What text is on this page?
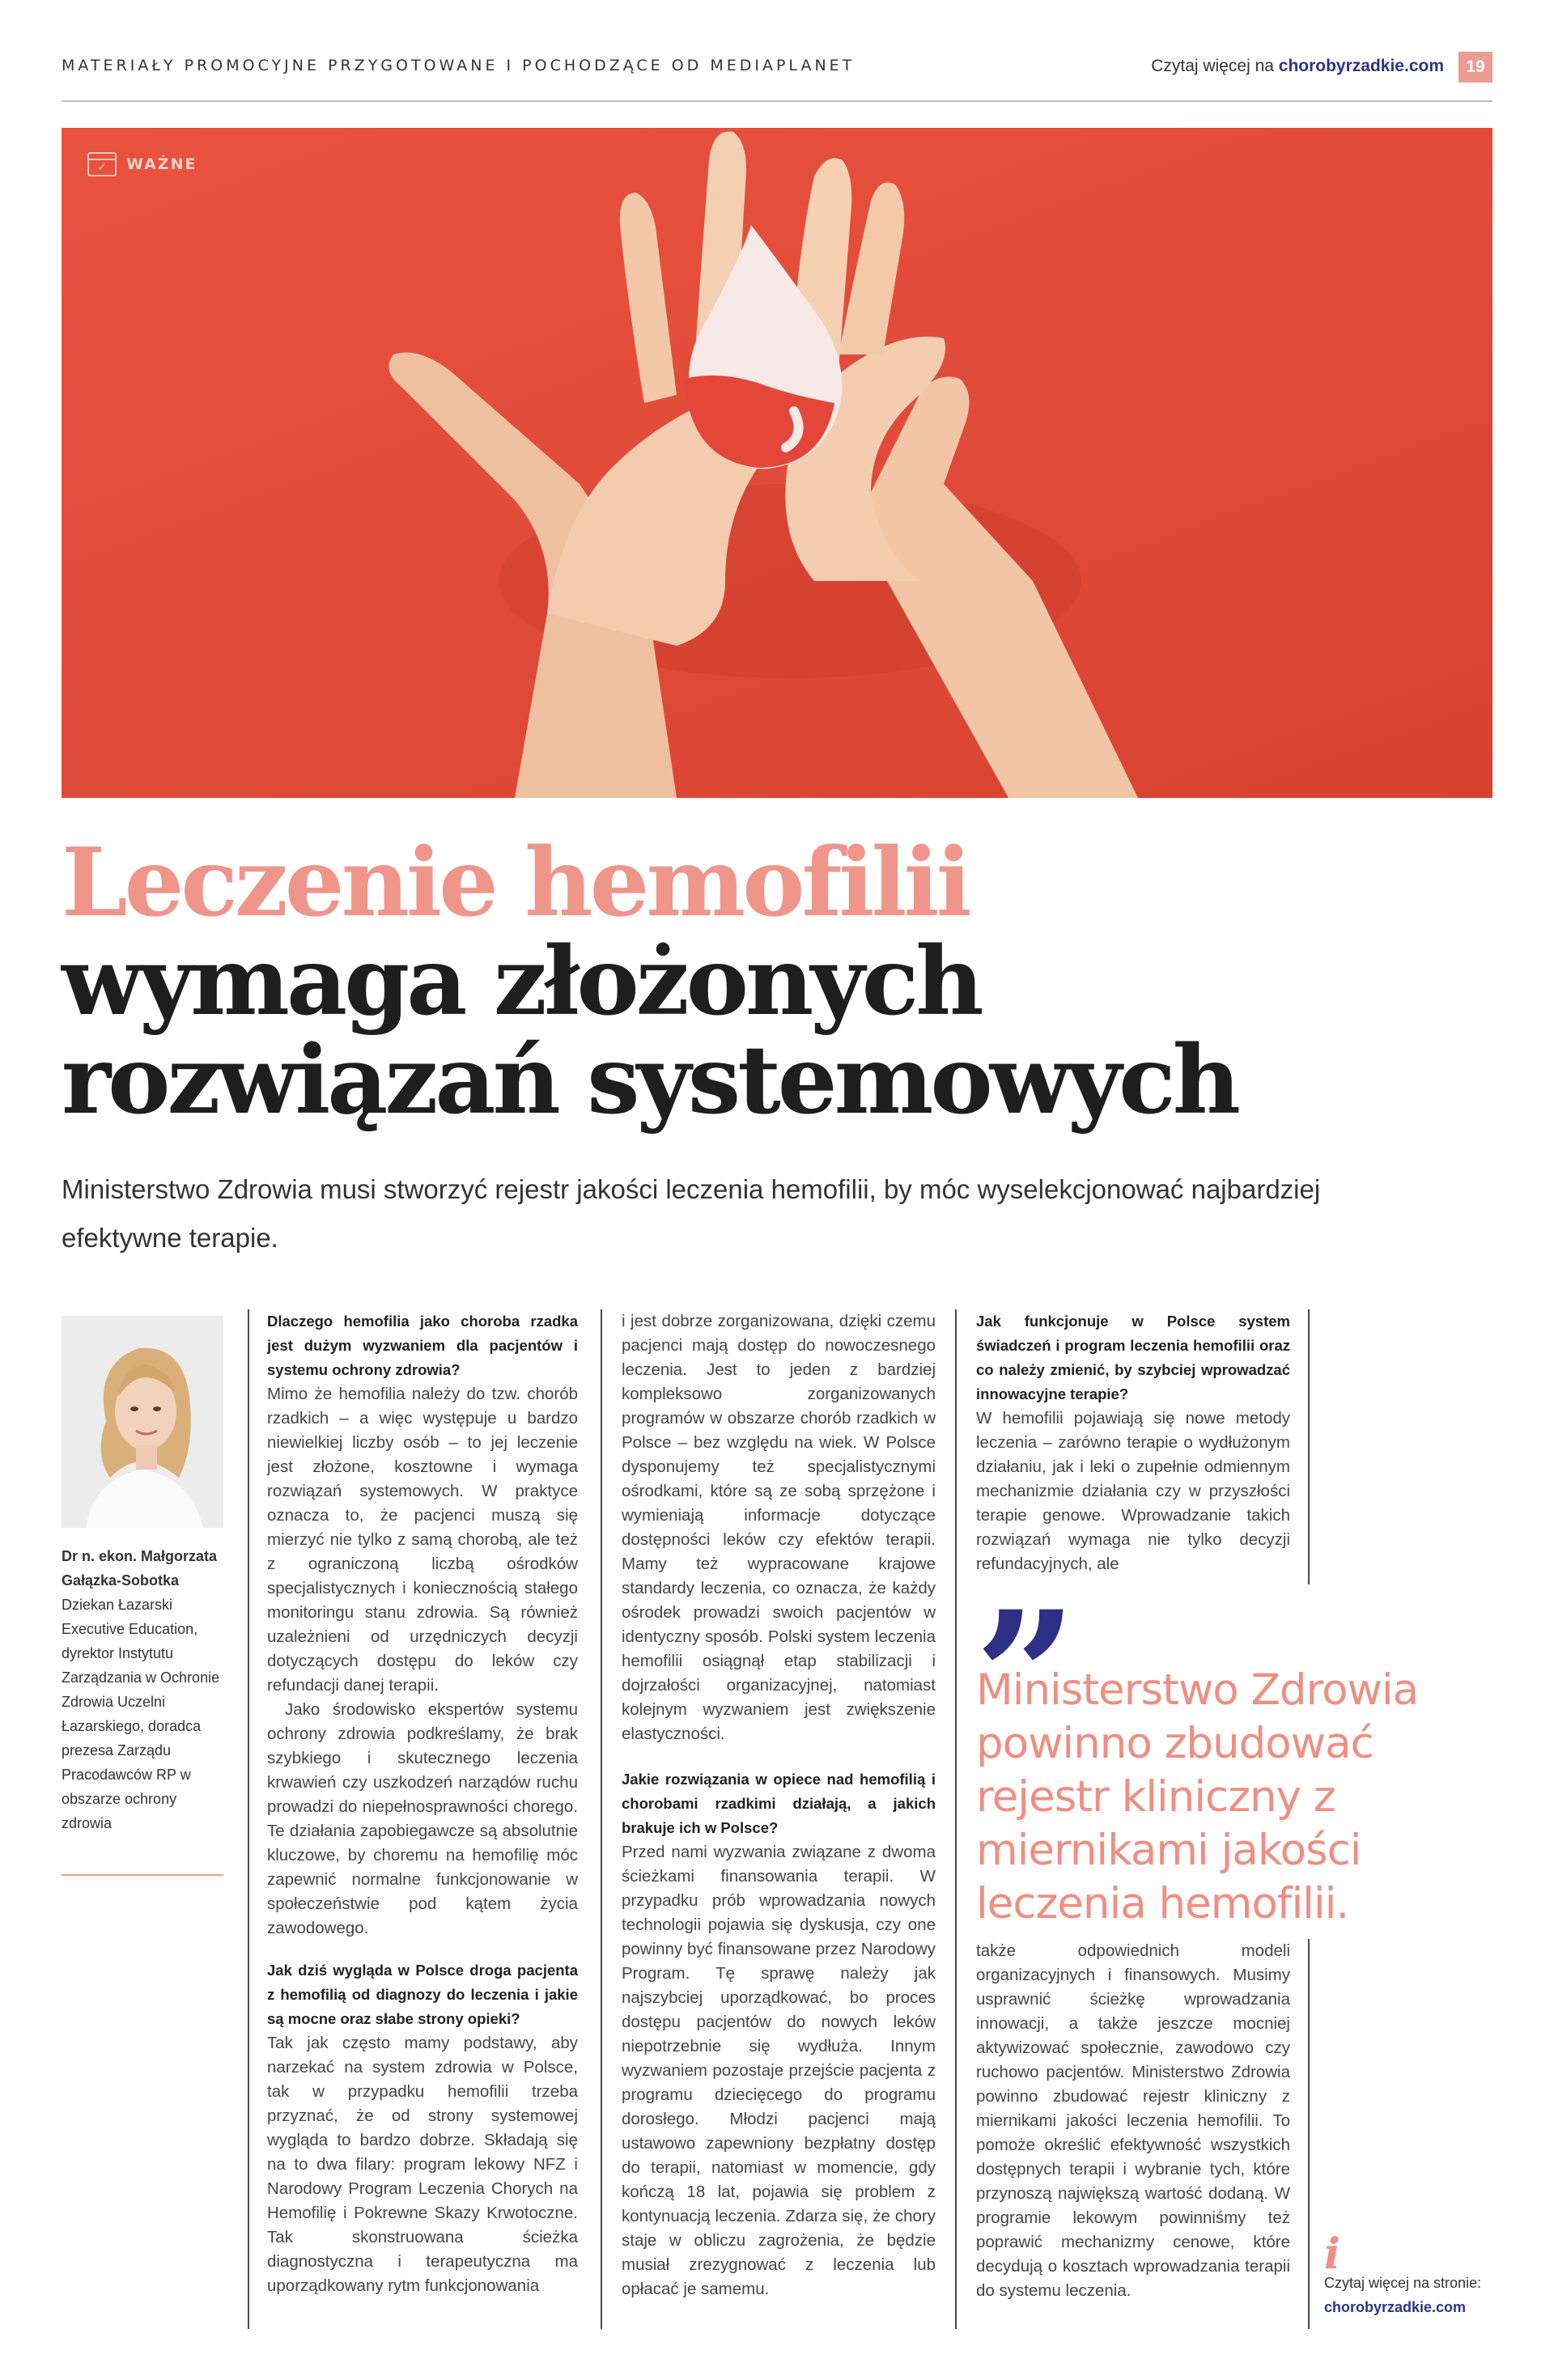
MATERIAŁY PROMOCYJNE PRZYGOTOWANE I POCHODZĄCE OD MEDIAPLANET	Czytaj więcej na chorobyrzadkie.com	19
✓
WAŻNE
Leczenie hemofilii
wymaga złożonych
rozwiązań systemowych

Ministerstwo Zdrowia musi stworzyć rejestr jakości leczenia hemofilii, by móc wyselekcjonować najbardziej efektywne terapie.

Dr n. ekon. Małgorzata Gałązka-Sobotka
Dziekan Łazarski Executive Education, dyrektor Instytutu Zarządzania w Ochronie Zdrowia Uczelni Łazarskiego, doradca prezesa Zarządu Pracodawców RP w obszarze ochrony zdrowia
Dlaczego hemofilia jako choroba rzadka jest dużym wyzwaniem dla pacjentów i systemu ochrony zdrowia?

Mimo że hemofilia należy do tzw. chorób rzadkich – a więc występuje u bardzo niewielkiej liczby osób – to jej leczenie jest złożone, kosztowne i wymaga rozwiązań systemowych. W praktyce oznacza to, że pacjenci muszą się mierzyć nie tylko z samą chorobą, ale też z ograniczoną liczbą ośrodków specjalistycznych i koniecznością stałego monitoringu stanu zdrowia. Są również uzależnieni od urzędniczych decyzji dotyczących dostępu do leków czy refundacji danej terapii.

Jako środowisko ekspertów systemu ochrony zdrowia podkreślamy, że brak szybkiego i skutecznego leczenia krwawień czy uszkodzeń narządów ruchu prowadzi do niepełnosprawności chorego. Te działania zapobiegawcze są absolutnie kluczowe, by choremu na hemofilię móc zapewnić normalne funkcjonowanie w społeczeństwie pod kątem życia zawodowego.

Jak dziś wygląda w Polsce droga pacjenta z hemofilią od diagnozy do leczenia i jakie są mocne oraz słabe strony opieki?

Tak jak często mamy podstawy, aby narzekać na system zdrowia w Polsce, tak w przypadku hemofilii trzeba przyznać, że od strony systemowej wygląda to bardzo dobrze. Składają się na to dwa filary: program lekowy NFZ i Narodowy Program Leczenia Chorych na Hemofilię i Pokrewne Skazy Krwotoczne. Tak skonstruowana ścieżka diagnostyczna i terapeutyczna ma uporządkowany rytm funkcjonowania

i jest dobrze zorganizowana, dzięki czemu pacjenci mają dostęp do nowoczesnego leczenia. Jest to jeden z bardziej kompleksowo zorganizowanych programów w obszarze chorób rzadkich w Polsce – bez względu na wiek. W Polsce dysponujemy też specjalistycznymi ośrodkami, które są ze sobą sprzężone i wymieniają informacje dotyczące dostępności leków czy efektów terapii. Mamy też wypracowane krajowe standardy leczenia, co oznacza, że każdy ośrodek prowadzi swoich pacjentów w identyczny sposób. Polski system leczenia hemofilii osiągnął etap stabilizacji i dojrzałości organizacyjnej, natomiast kolejnym wyzwaniem jest zwiększenie elastyczności.

Jakie rozwiązania w opiece nad hemofilią i chorobami rzadkimi działają, a jakich brakuje ich w Polsce?

Przed nami wyzwania związane z dwoma ścieżkami finansowania terapii. W przypadku prób wprowadzania nowych technologii pojawia się dyskusja, czy one powinny być finansowane przez Narodowy Program. Tę sprawę należy jak najszybciej uporządkować, bo proces dostępu pacjentów do nowych leków niepotrzebnie się wydłuża. Innym wyzwaniem pozostaje przejście pacjenta z programu dziecięcego do programu dorosłego. Młodzi pacjenci mają ustawowo zapewniony bezpłatny dostęp do terapii, natomiast w momencie, gdy kończą 18 lat, pojawia się problem z kontynuacją leczenia. Zdarza się, że chory staje w obliczu zagrożenia, że będzie musiał zrezygnować z leczenia lub opłacać je samemu.

Jak funkcjonuje w Polsce system świadczeń i program leczenia hemofilii oraz co należy zmienić, by szybciej wprowadzać innowacyjne terapie?

W hemofilii pojawiają się nowe metody leczenia – zarówno terapie o wydłużonym działaniu, jak i leki o zupełnie odmiennym mechanizmie działania czy w przyszłości terapie genowe. Wprowadzanie takich rozwiązań wymaga nie tylko decyzji refundacyjnych, ale

”

Ministerstwo Zdrowia powinno zbudować rejestr kliniczny z miernikami jakości leczenia hemofilii.

także odpowiednich modeli organizacyjnych i finansowych. Musimy usprawnić ścieżkę wprowadzania innowacji, a także jeszcze mocniej aktywizować społecznie, zawodowo czy ruchowo pacjentów. Ministerstwo Zdrowia powinno zbudować rejestr kliniczny z miernikami jakości leczenia hemofilii. To pomoże określić efektywność wszystkich dostępnych terapii i wybranie tych, które przynoszą największą wartość dodaną. W programie lekowym powinniśmy też poprawić mechanizmy cenowe, które decydują o kosztach wprowadzania terapii do systemu leczenia.

i
Czytaj więcej na stronie:
chorobyrzadkie.com
